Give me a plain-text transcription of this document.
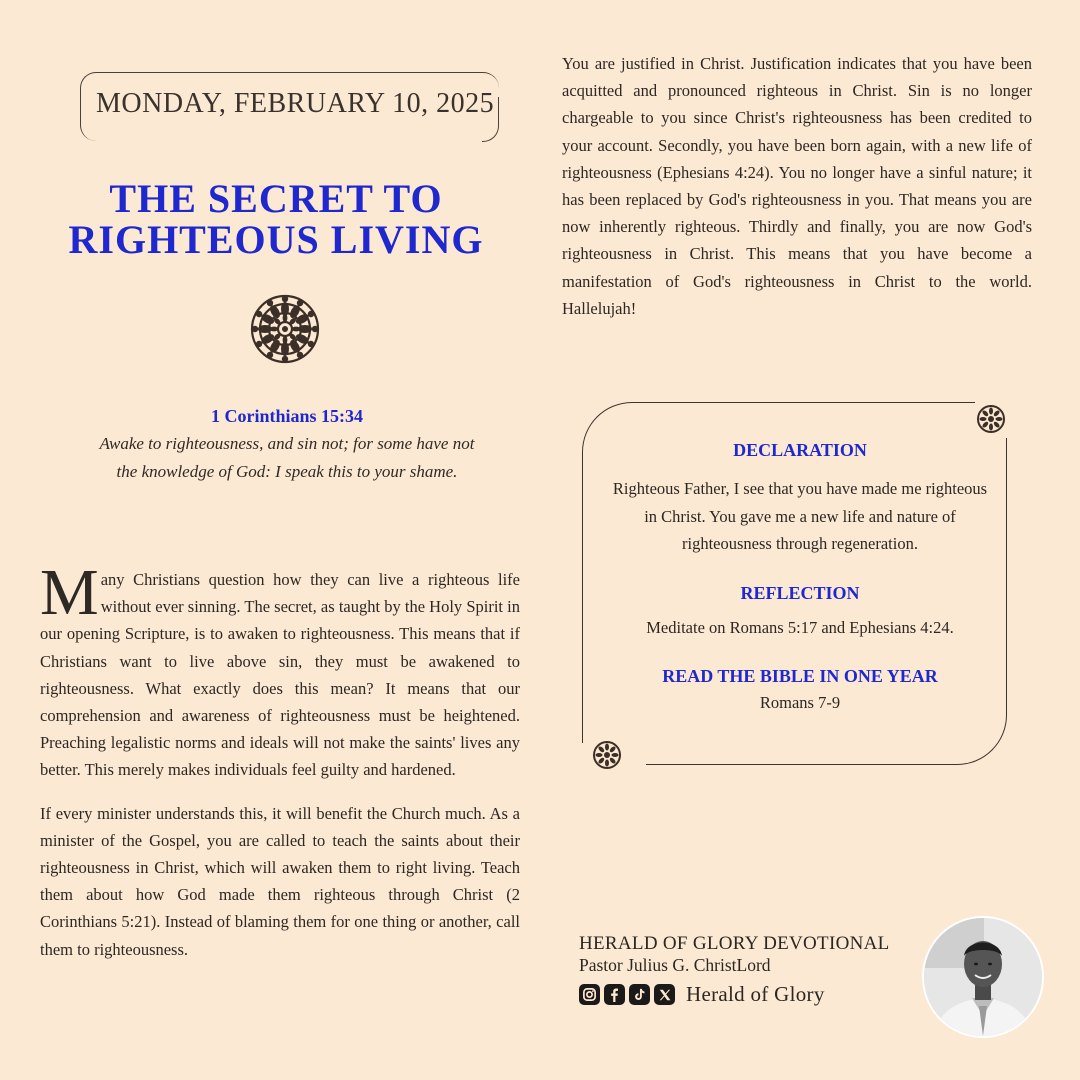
MONDAY, FEBRUARY 10, 2025
THE SECRET TO
RIGHTEOUS LIVING
1 Corinthians 15:34
Awake to righteousness, and sin not; for some have not
the knowledge of God: I speak this to your shame.

Many Christians question how they can live a righteous life without ever sinning. The secret, as taught by the Holy Spirit in our opening Scripture, is to awaken to righteousness. This means that if Christians want to live above sin, they must be awakened to righteousness. What exactly does this mean? It means that our comprehension and awareness of righteousness must be heightened. Preaching legalistic norms and ideals will not make the saints' lives any better. This merely makes individuals feel guilty and hardened.

If every minister understands this, it will benefit the Church much. As a minister of the Gospel, you are called to teach the saints about their righteousness in Christ, which will awaken them to right living. Teach them about how God made them righteous through Christ (2 Corinthians 5:21). Instead of blaming them for one thing or another, call them to righteousness.

You are justified in Christ. Justification indicates that you have been acquitted and pronounced righteous in Christ. Sin is no longer chargeable to you since Christ's righteousness has been credited to your account. Secondly, you have been born again, with a new life of righteousness (Ephesians 4:24). You no longer have a sinful nature; it has been replaced by God's righteousness in you. That means you are now inherently righteous. Thirdly and finally, you are now God's righteousness in Christ. This means that you have become a manifestation of God's righteousness in Christ to the world. Hallelujah!

DECLARATION

Righteous Father, I see that you have made me righteous in Christ. You gave me a new life and nature of righteousness through regeneration.

REFLECTION

Meditate on Romans 5:17 and Ephesians 4:24.

READ THE BIBLE IN ONE YEAR

Romans 7-9

HERALD OF GLORY DEVOTIONAL
Pastor Julius G. ChristLord
Herald of Glory
